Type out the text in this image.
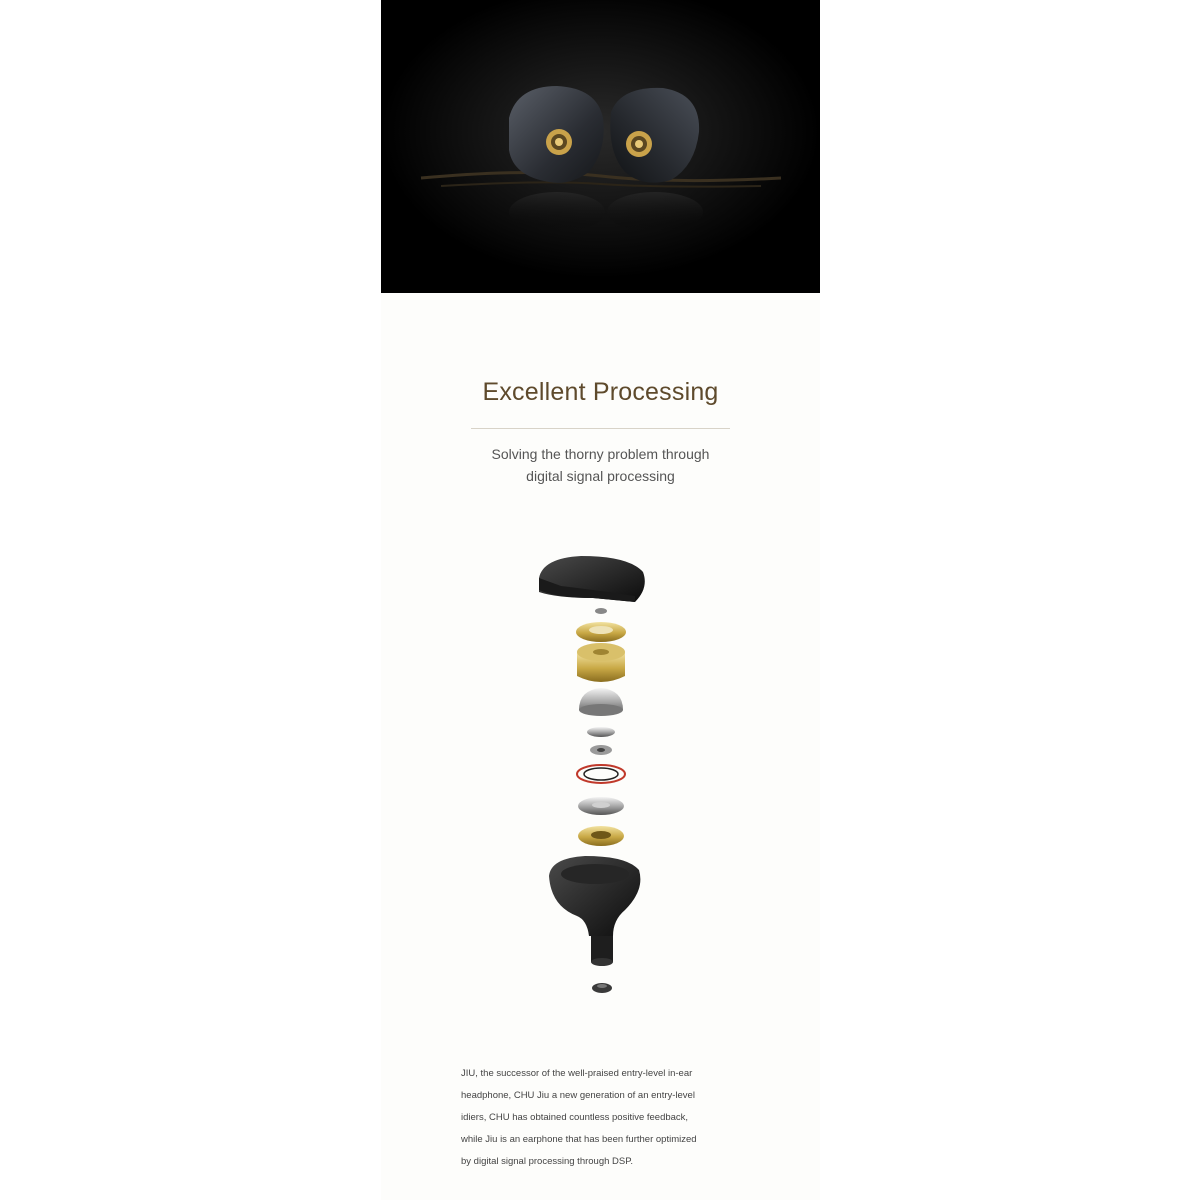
Excellent Processing
Solving the thorny problem through
digital signal processing
JIU, the successor of the well-praised entry-level in-ear
headphone, CHU Jiu a new generation of an entry-level
idiers, CHU has obtained countless positive feedback,
while Jiu is an earphone that has been further optimized
by digital signal processing through DSP.
